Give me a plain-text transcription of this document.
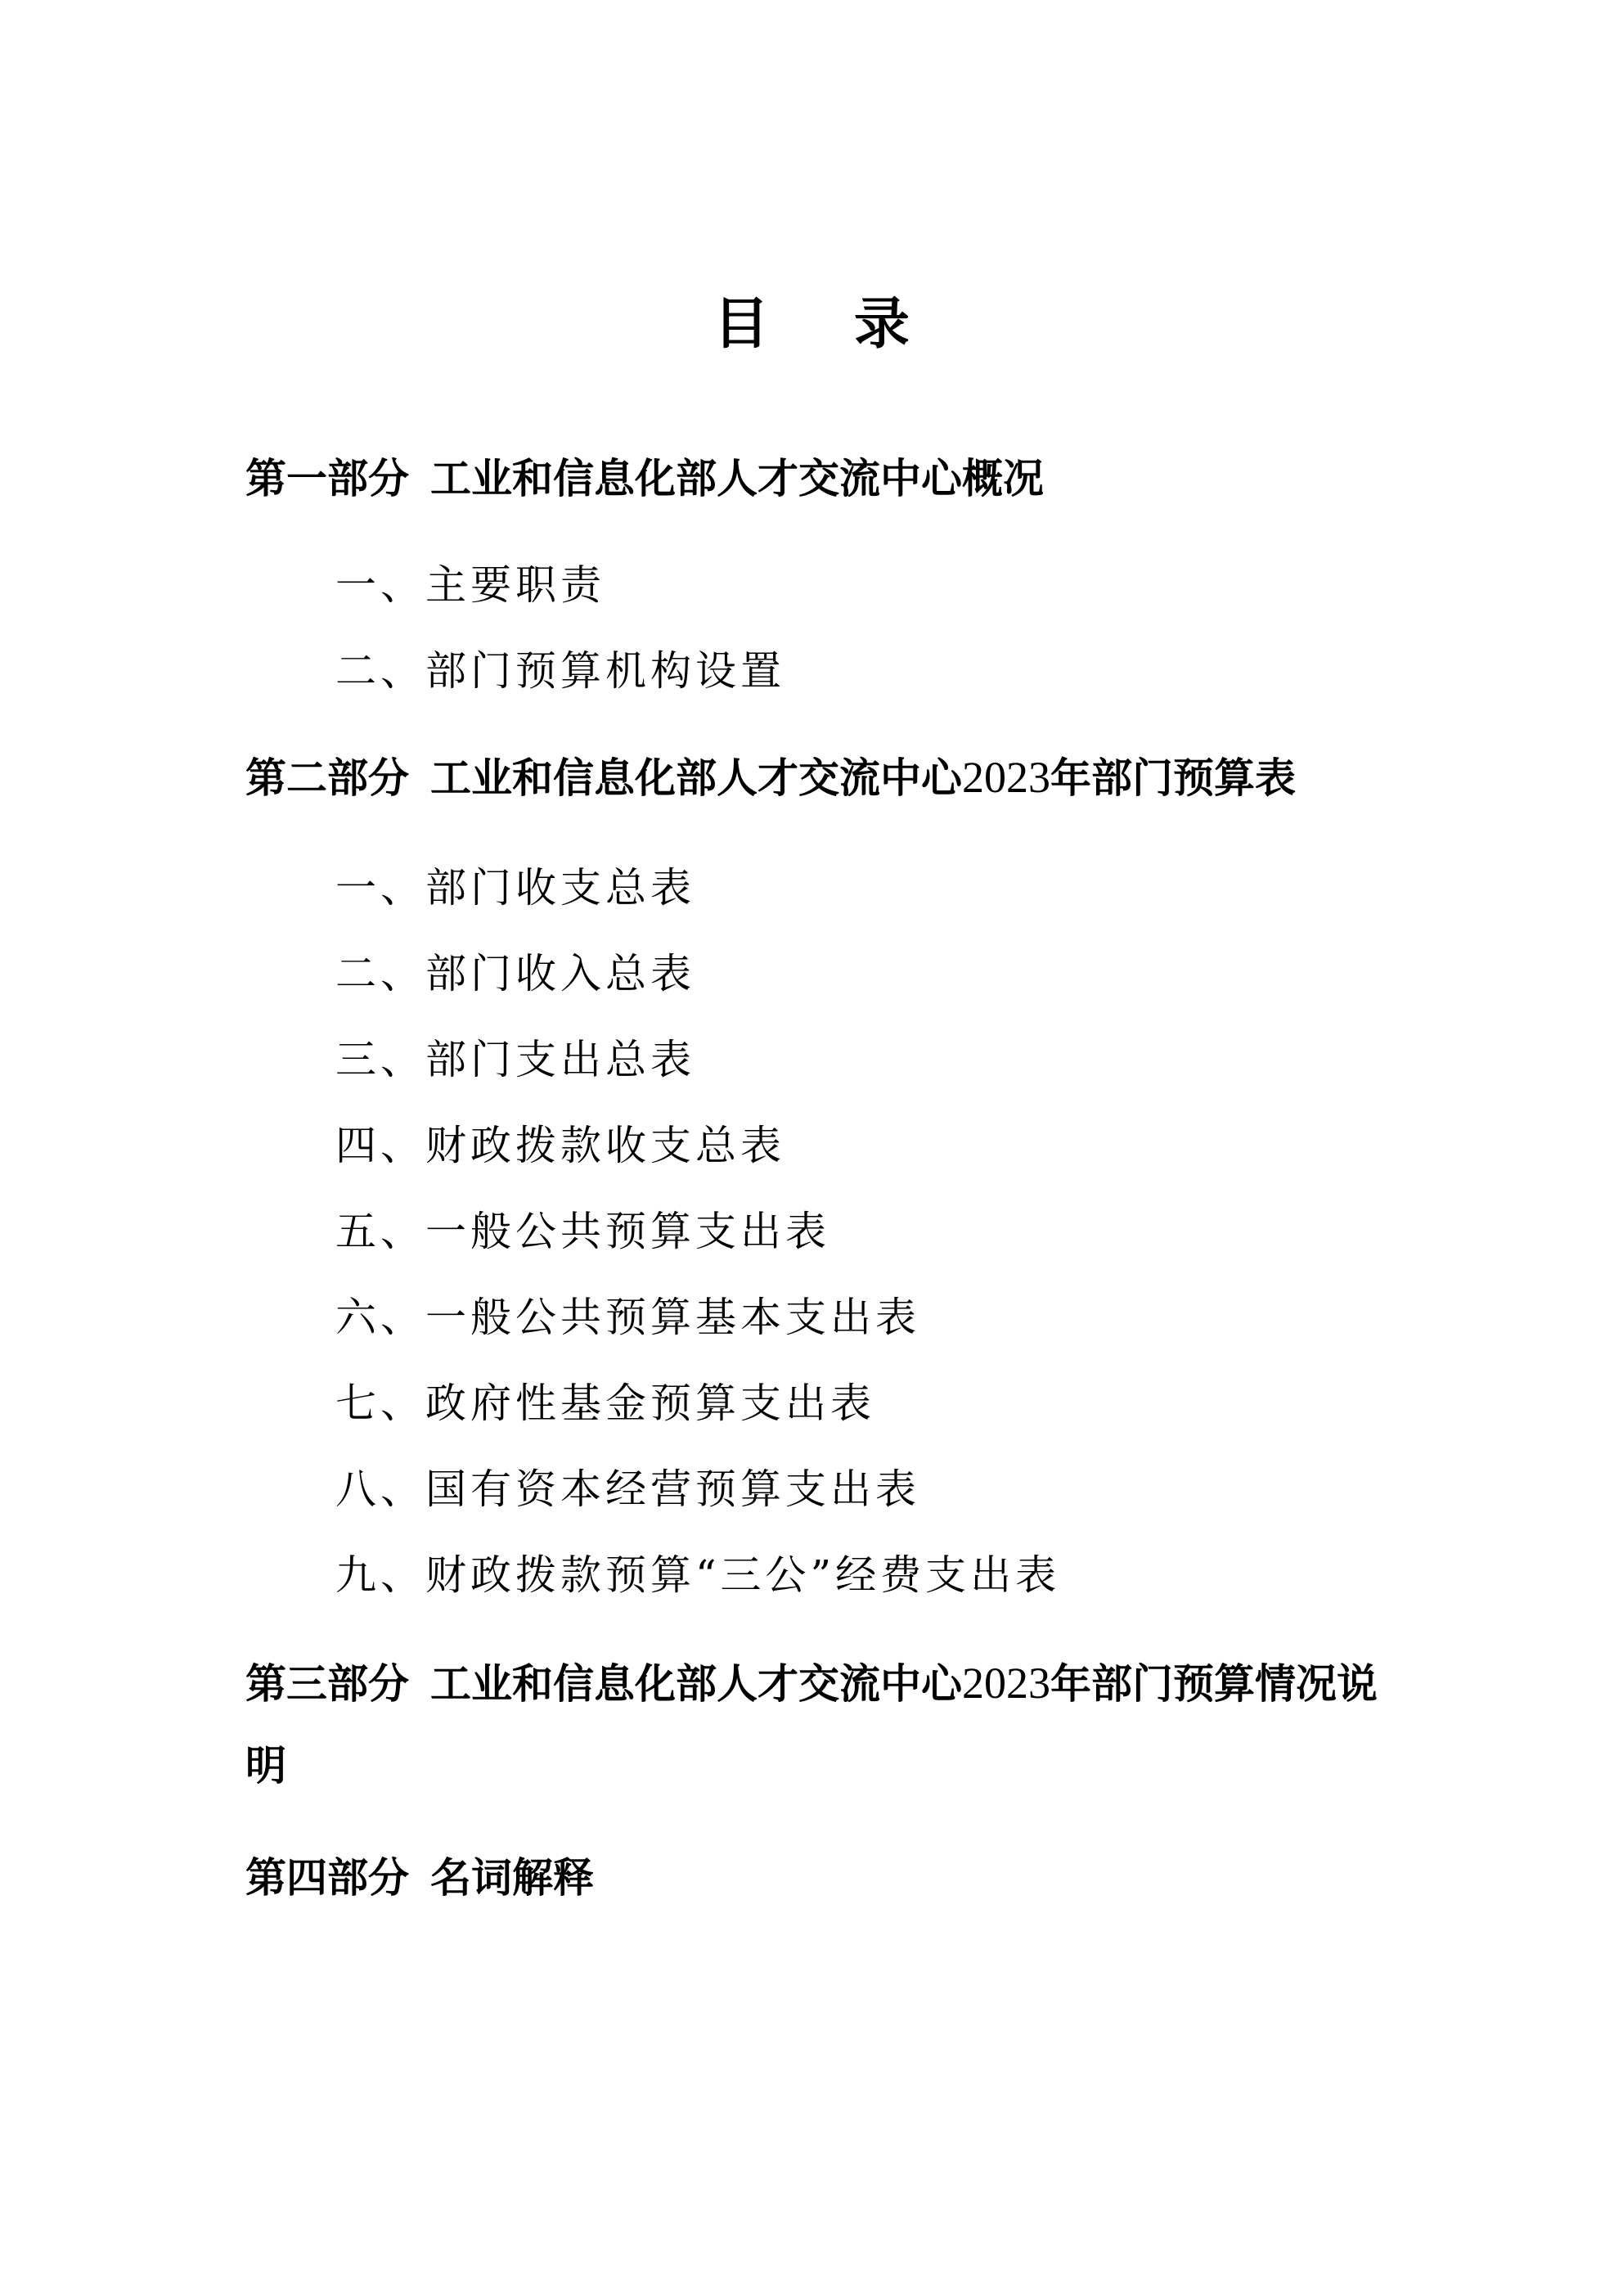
目 录
第一部分 工业和信息化部人才交流中心概况
一、主要职责
二、部门预算机构设置
第二部分 工业和信息化部人才交流中心2023年部门预算表
一、部门收支总表
二、部门收入总表
三、部门支出总表
四、财政拨款收支总表
五、一般公共预算支出表
六、一般公共预算基本支出表
七、政府性基金预算支出表
八、国有资本经营预算支出表
九、财政拨款预算“三公”经费支出表
第三部分 工业和信息化部人才交流中心2023年部门预算情况说明
第四部分 名词解释
